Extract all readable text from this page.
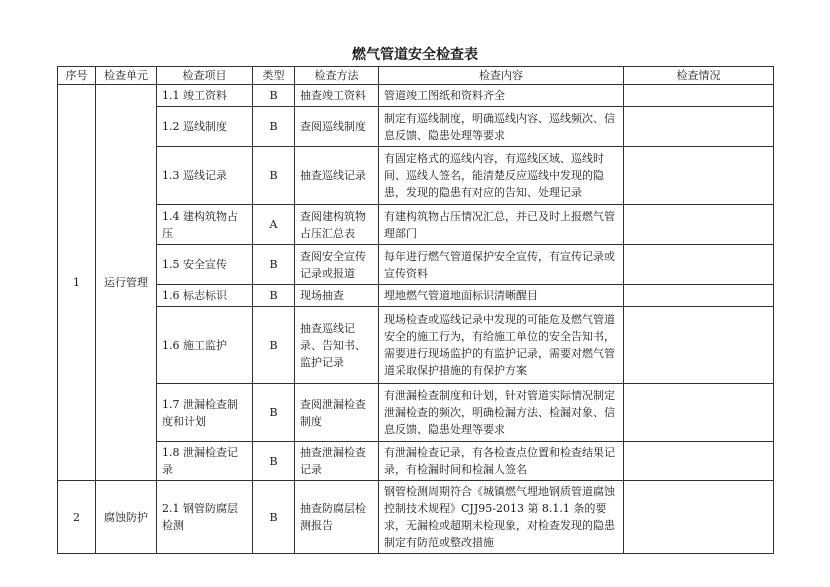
燃气管道安全检查表
序号	检查单元	检查项目	类型	检查方法	检查内容	检查情况
1	运行管理	1.1 竣工资料	B	抽查竣工资料	管道竣工图纸和资料齐全	
		1.2 巡线制度	B	查阅巡线制度	制定有巡线制度，明确巡线内容、巡线频次、信息反馈、隐患处理等要求	
		1.3 巡线记录	B	抽查巡线记录	有固定格式的巡线内容，有巡线区域、巡线时间、巡线人签名，能清楚反应巡线中发现的隐患，发现的隐患有对应的告知、处理记录	
		1.4 建构筑物占压	A	查阅建构筑物占压汇总表	有建构筑物占压情况汇总，并已及时上报燃气管理部门	
		1.5 安全宣传	B	查阅安全宣传记录或报道	每年进行燃气管道保护安全宣传，有宣传记录或宣传资料	
		1.6 标志标识	B	现场抽查	埋地燃气管道地面标识清晰醒目	
		1.6 施工监护	B	抽查巡线记录、告知书、监护记录	现场检查或巡线记录中发现的可能危及燃气管道安全的施工行为，有给施工单位的安全告知书，需要进行现场监护的有监护记录，需要对燃气管道采取保护措施的有保护方案	
		1.7 泄漏检查制度和计划	B	查阅泄漏检查制度	有泄漏检查制度和计划，针对管道实际情况制定泄漏检查的频次，明确检漏方法、检漏对象、信息反馈、隐患处理等要求	
		1.8 泄漏检查记录	B	抽查泄漏检查记录	有泄漏检查记录，有各检查点位置和检查结果记录，有检漏时间和检漏人签名	
2	腐蚀防护	2.1 钢管防腐层检测	B	抽查防腐层检测报告	钢管检测周期符合《城镇燃气埋地钢质管道腐蚀控制技术规程》CJJ95-2013 第 8.1.1 条的要求，无漏检或超期未检现象，对检查发现的隐患制定有防范或整改措施	
